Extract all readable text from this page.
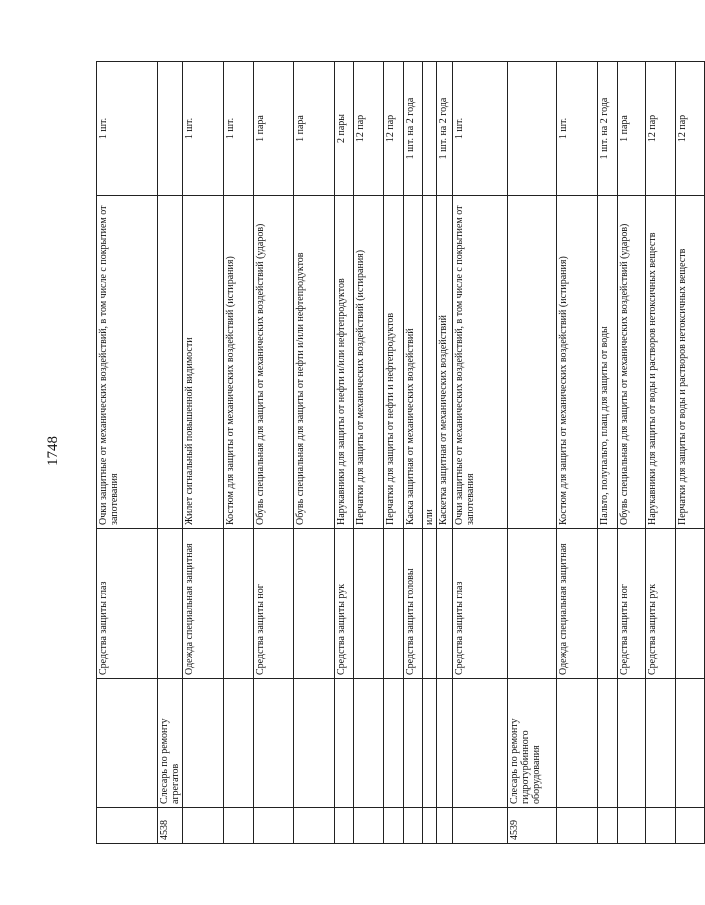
1748
		Средства защиты глаз	Очки защитные от механических воздействий, в том числе с покрытием от запотевания	1 шт.
4538	Слесарь по ремонту агрегатов			
		Одежда специальная защитная	Жилет сигнальный повышенной видимости	1 шт.
			Костюм для защиты от механических воздействий (истирания)	1 шт.
		Средства защиты ног	Обувь специальная для защиты от механических воздействий (ударов)	1 пара
			Обувь специальная для защиты от нефти и/или нефтепродуктов	1 пара
		Средства защиты рук	Нарукавники для защиты от нефти и/или нефтепродуктов	2 пары
			Перчатки для защиты от механических воздействий (истирания)	12 пар
			Перчатки для защиты от нефти и нефтепродуктов	12 пар
		Средства защиты головы	Каска защитная от механических воздействий	1 шт. на 2 года
			или	
			Каскетка защитная от механических воздействий	1 шт. на 2 года
		Средства защиты глаз	Очки защитные от механических воздействий, в том числе с покрытием от запотевания	1 шт.
4539	Слесарь по ремонту гидротурбинного оборудования			
		Одежда специальная защитная	Костюм для защиты от механических воздействий (истирания)	1 шт.
			Пальто, полупальто, плащ для защиты от воды	1 шт. на 2 года
		Средства защиты ног	Обувь специальная для защиты от механических воздействий (ударов)	1 пара
		Средства защиты рук	Нарукавники для защиты от воды и растворов нетоксичных веществ	12 пар
			Перчатки для защиты от воды и растворов нетоксичных веществ	12 пар
